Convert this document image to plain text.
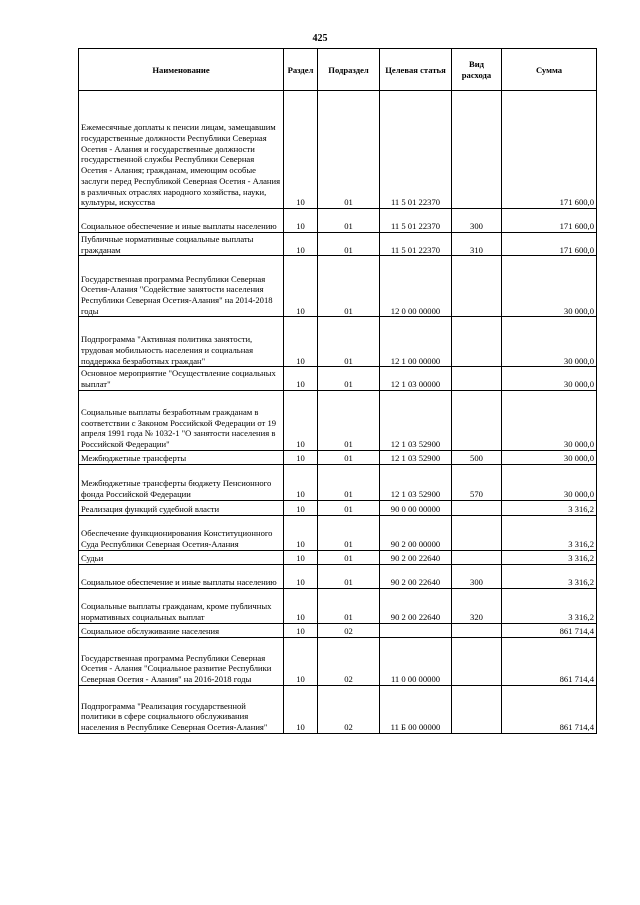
425
Наименование	Раздел	Подраздел	Целевая статья	Вид расхода	Сумма
Ежемесячные доплаты к пенсии лицам, замещавшим государственные должности Республики Северная Осетия - Алания и государственные должности государственной службы Республики Северная Осетия - Алания; гражданам, имеющим особые заслуги перед Республикой Северная Осетия - Алания в различных отраслях народного хозяйства, науки, культуры, искусства	10	01	11 5 01 22370		171 600,0
Социальное обеспечение и иные выплаты населению	10	01	11 5 01 22370	300	171 600,0
Публичные нормативные социальные выплаты гражданам	10	01	11 5 01 22370	310	171 600,0
Государственная программа Республики Северная Осетия-Алания "Содействие занятости населения Республики Северная Осетия-Алания" на 2014-2018 годы	10	01	12 0 00 00000		30 000,0
Подпрограмма "Активная политика занятости, трудовая мобильность населения и социальная поддержка безработных граждан"	10	01	12 1 00 00000		30 000,0
Основное мероприятие "Осуществление социальных выплат"	10	01	12 1 03 00000		30 000,0
Социальные выплаты безработным гражданам в соответствии с Законом Российской Федерации от 19 апреля 1991 года № 1032-1 "О занятости населения в Российской Федерации"	10	01	12 1 03 52900		30 000,0
Межбюджетные трансферты	10	01	12 1 03 52900	500	30 000,0
Межбюджетные трансферты бюджету Пенсионного фонда Российской Федерации	10	01	12 1 03 52900	570	30 000,0
Реализация функций судебной власти	10	01	90 0 00 00000		3 316,2
Обеспечение функционирования Конституционного Суда Республики Северная Осетия-Алания	10	01	90 2 00 00000		3 316,2
Судьи	10	01	90 2 00 22640		3 316,2
Социальное обеспечение и иные выплаты населению	10	01	90 2 00 22640	300	3 316,2
Социальные выплаты гражданам, кроме публичных нормативных социальных выплат	10	01	90 2 00 22640	320	3 316,2
Социальное обслуживание населения	10	02			861 714,4
Государственная программа Республики Северная Осетия - Алания "Социальное развитие Республики Северная Осетия - Алания" на 2016-2018 годы	10	02	11 0 00 00000		861 714,4
Подпрограмма "Реализация государственной политики в сфере социального обслуживания населения в Республике Северная Осетия-Алания"	10	02	11 Б 00 00000		861 714,4
